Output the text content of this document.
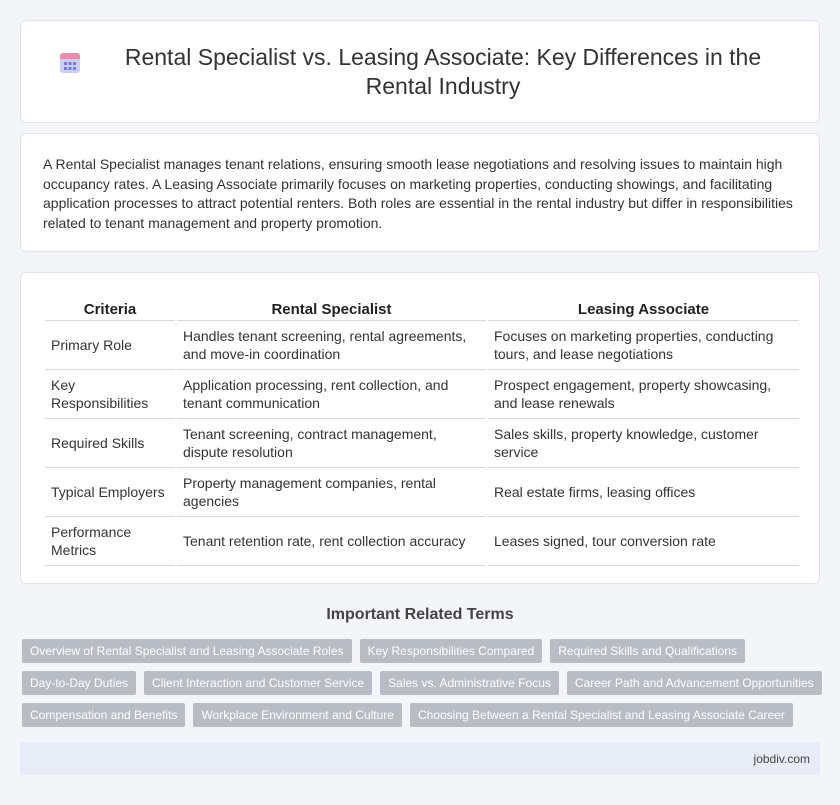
Rental Specialist vs. Leasing Associate: Key Differences in the Rental Industry

A Rental Specialist manages tenant relations, ensuring smooth lease negotiations and resolving issues to maintain high occupancy rates. A Leasing Associate primarily focuses on marketing properties, conducting showings, and facilitating application processes to attract potential renters. Both roles are essential in the rental industry but differ in responsibilities related to tenant management and property promotion.

Criteria	Rental Specialist	Leasing Associate
Primary Role	Handles tenant screening, rental agreements, and move-in coordination	Focuses on marketing properties, conducting tours, and lease negotiations
Key Responsibilities	Application processing, rent collection, and tenant communication	Prospect engagement, property showcasing, and lease renewals
Required Skills	Tenant screening, contract management, dispute resolution	Sales skills, property knowledge, customer service
Typical Employers	Property management companies, rental agencies	Real estate firms, leasing offices
Performance Metrics	Tenant retention rate, rent collection accuracy	Leases signed, tour conversion rate
Important Related Terms
Overview of Rental Specialist and Leasing Associate Roles	Key Responsibilities Compared	Required Skills and Qualifications
Day-to-Day Duties	Client Interaction and Customer Service	Sales vs. Administrative Focus	Career Path and Advancement Opportunities
Compensation and Benefits	Workplace Environment and Culture	Choosing Between a Rental Specialist and Leasing Associate Career
jobdiv.com
